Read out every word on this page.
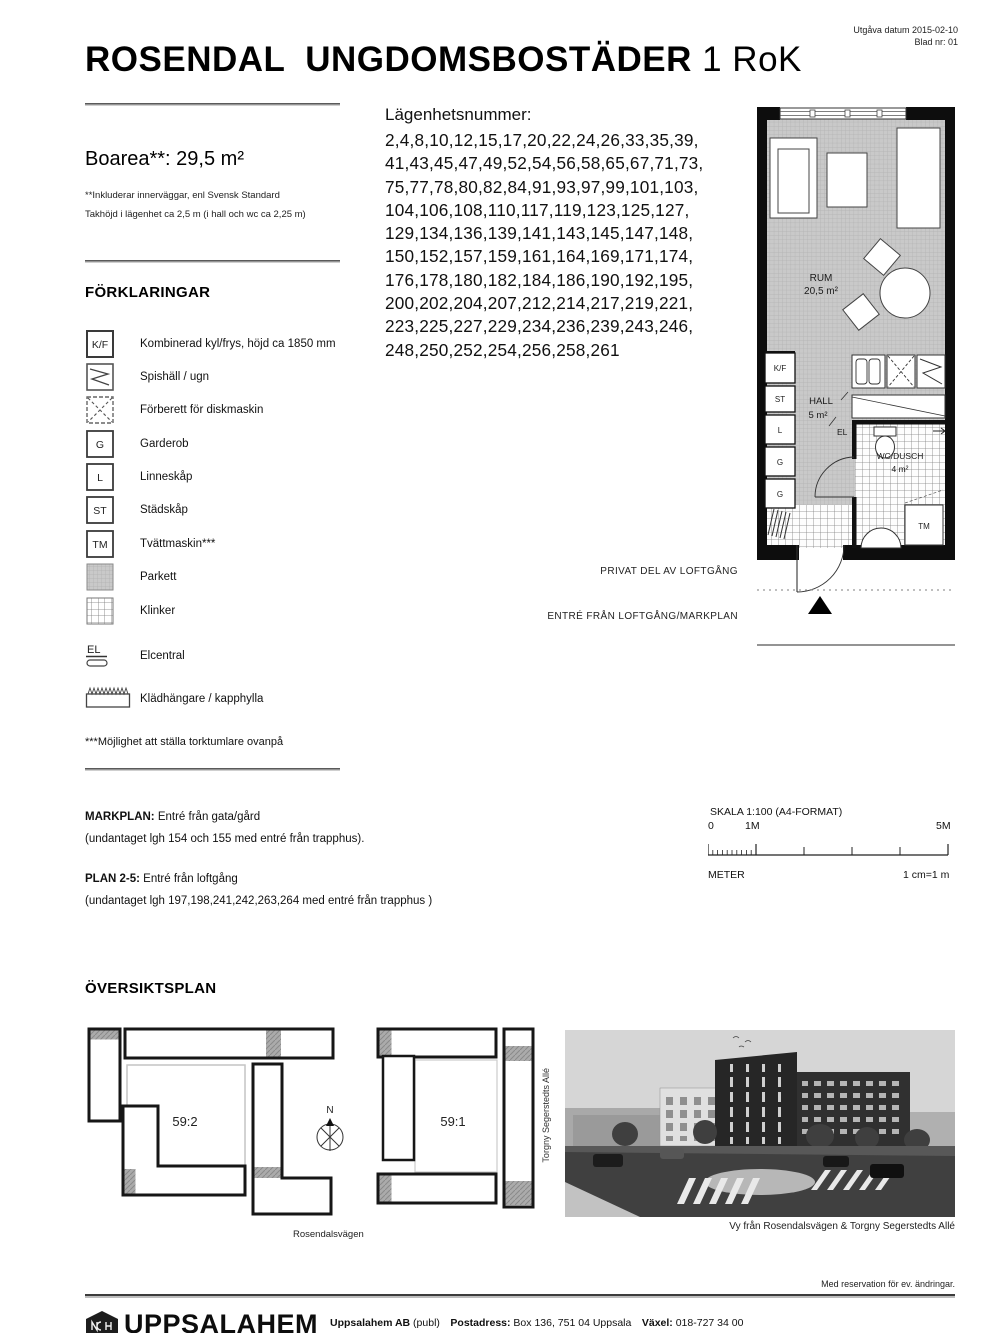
Utgåva datum 2015-02-10
Blad nr: 01
ROSENDAL  UNGDOMSBOSTÄDER 1 RoK
Boarea**: 29,5 m²
**Inkluderar innerväggar, enl Svensk Standard
Takhöjd i lägenhet ca 2,5 m (i hall och wc ca 2,25 m)
Lägenhetsnummer:
2,4,8,10,12,15,17,20,22,24,26,33,35,39,
41,43,45,47,49,52,54,56,58,65,67,71,73,
75,77,78,80,82,84,91,93,97,99,101,103,
104,106,108,110,117,119,123,125,127,
129,134,136,139,141,143,145,147,148,
150,152,157,159,161,164,169,171,174,
176,178,180,182,184,186,190,192,195,
200,202,204,207,212,214,217,219,221,
223,225,227,229,234,236,239,243,246,
248,250,252,254,256,258,261
FÖRKLARINGAR
K/F	Kombinerad kyl/frys, höjd ca 1850 mm
Spishäll / ugn
Förberett för diskmaskin
G	Garderob
L	Linneskåp
ST	Städskåp
TM	Tvättmaskin***
Parkett
Klinker
EL	Elcentral
Klädhängare / kapphylla
***Möjlighet att ställa torktumlare ovanpå
MARKPLAN: Entré från gata/gård
(undantaget lgh 154 och 155 med entré från trapphus).
PLAN 2-5: Entré från loftgång
(undantaget lgh 197,198,241,242,263,264 med entré från trapphus )
RUM
20,5 m²
K/F
ST
L
G
G
TM
HALL
5 m²
EL
WC/DUSCH
4 m²
PRIVAT DEL AV LOFTGÅNG
ENTRÉ FRÅN LOFTGÅNG/MARKPLAN
SKALA 1:100 (A4-FORMAT)
0	1M	5M
METER	1 cm=1 m
ÖVERSIKTSPLAN
59:2
N
59:1	Torgny Segerstedts Allé
Rosendalsvägen
Vy från Rosendalsvägen & Torgny Segerstedts Allé
Med reservation för ev. ändringar.
UPPSALAHEM Uppsalahem AB (publ)  Postadress: Box 136, 751 04 Uppsala  Växel: 018-727 34 00
